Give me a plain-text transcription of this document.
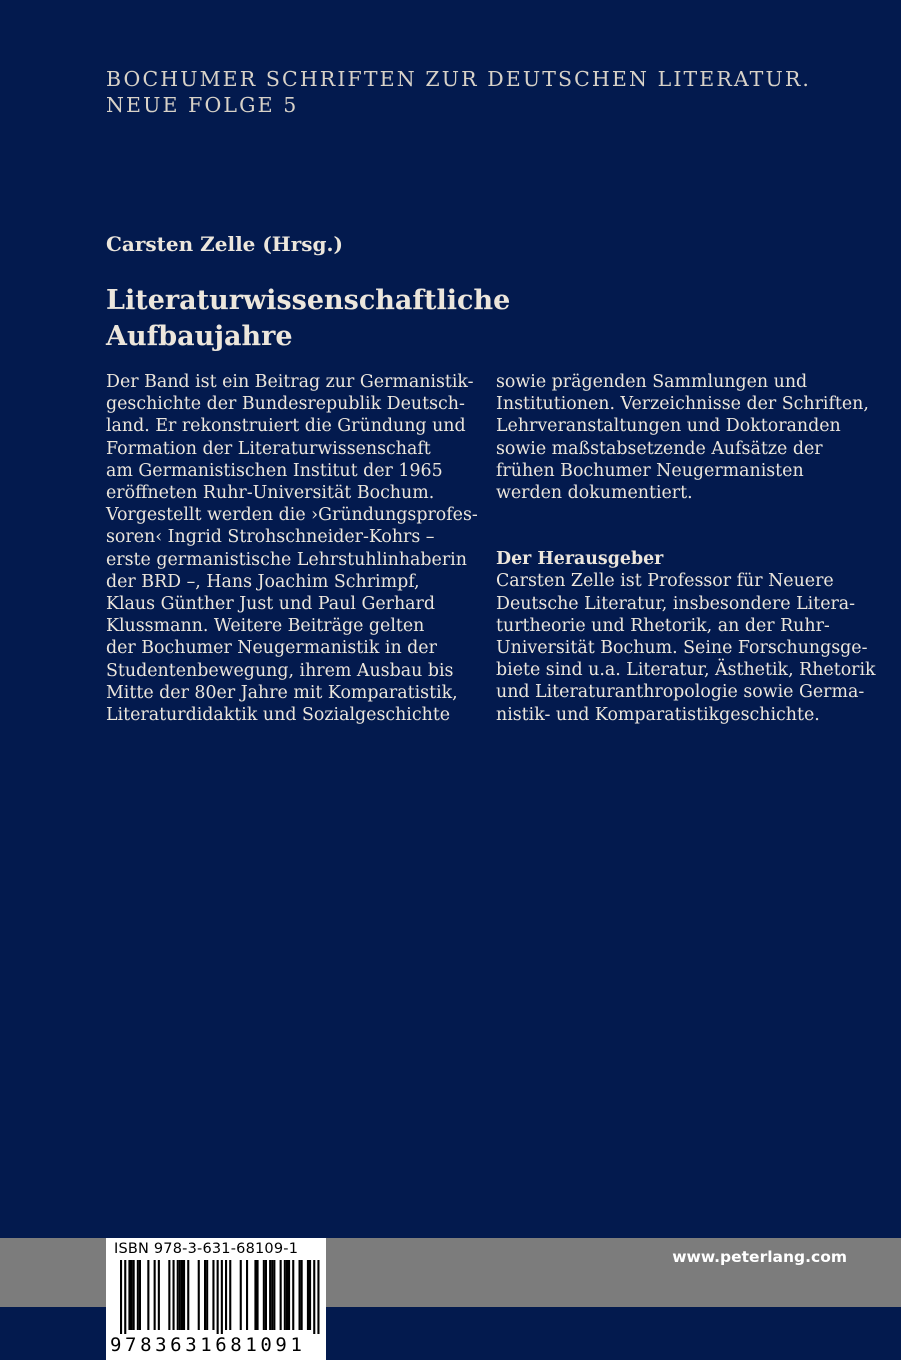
BOCHUMER SCHRIFTEN ZUR DEUTSCHEN LITERATUR.
NEUE FOLGE 5
Carsten Zelle (Hrsg.)
Literaturwissenschaftliche
Aufbaujahre
Der Band ist ein Beitrag zur Germanistik-
geschichte der Bundesrepublik Deutsch-
land. Er rekonstruiert die Gründung und
Formation der Literaturwissenschaft
am Germanistischen Institut der 1965
eröffneten Ruhr-Universität Bochum.
Vorgestellt werden die ›Gründungsprofes-
soren‹ Ingrid Strohschneider-Kohrs –
erste germanistische Lehrstuhlinhaberin
der BRD –, Hans Joachim Schrimpf,
Klaus Günther Just und Paul Gerhard
Klussmann. Weitere Beiträge gelten
der Bochumer Neugermanistik in der
Studentenbewegung, ihrem Ausbau bis
Mitte der 80er Jahre mit Komparatistik,
Literaturdidaktik und Sozialgeschichte
sowie prägenden Sammlungen und
Institutionen. Verzeichnisse der Schriften,
Lehrveranstaltungen und Doktoranden
sowie maßstabsetzende Aufsätze der
frühen Bochumer Neugermanisten
werden dokumentiert.
Der Herausgeber
Carsten Zelle ist Professor für Neuere
Deutsche Literatur, insbesondere Litera-
turtheorie und Rhetorik, an der Ruhr-
Universität Bochum. Seine Forschungsge-
biete sind u.a. Literatur, Ästhetik, Rhetorik
und Literaturanthropologie sowie Germa-
nistik- und Komparatistikgeschichte.
www.peterlang.com
ISBN 978-3-631-68109-1
9783631681091
